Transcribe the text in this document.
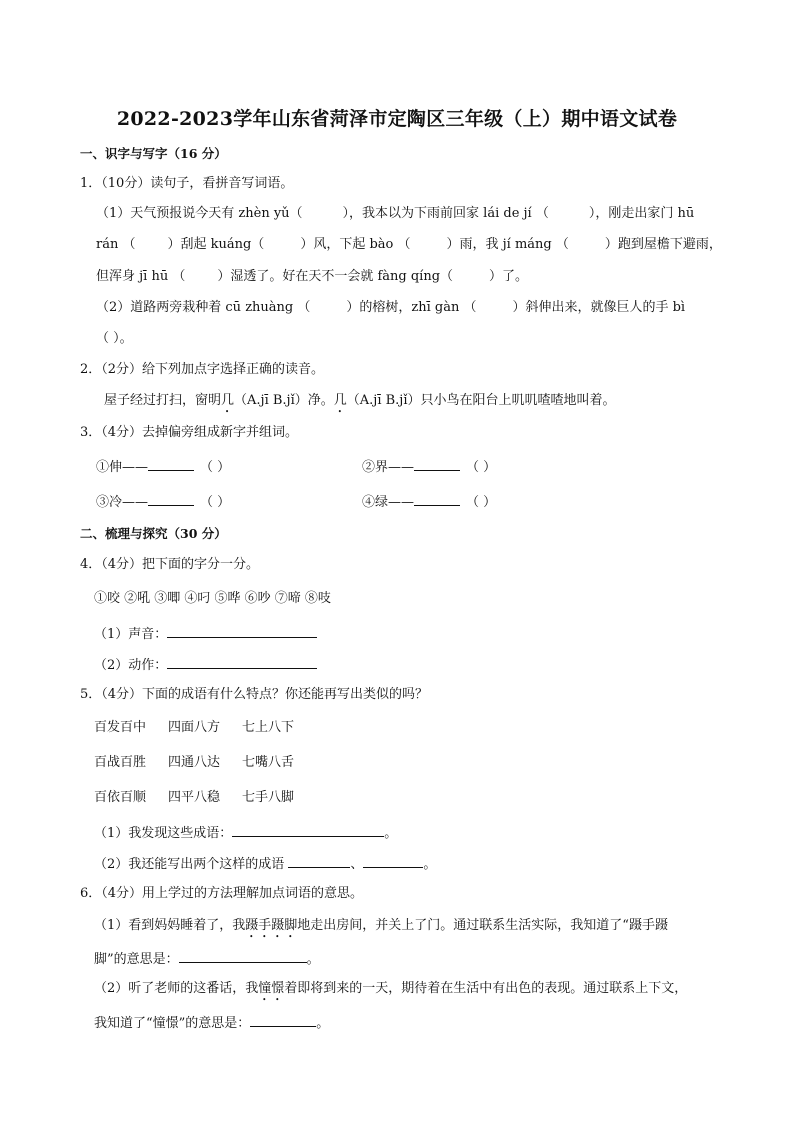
2022-2023学年山东省菏泽市定陶区三年级（上）期中语文试卷
一、识字与写字（16 分）
1．（10分）读句子，看拼音写词语。
（1）天气预报说今天有 zhèn yǔ（	），我本以为下雨前回家 lái de jí （	），刚走出家门 hū
rán （ ）刮起 kuáng（	）风，下起 bào （	）雨，我 jí máng （	）跑到屋檐下避雨，
但浑身 jī hū （ ）湿透了。好在天不一会就 fàng qíng（	）了。
（2）道路两旁栽种着 cū zhuàng （	）的榕树，zhī gàn （	）斜伸出来，就像巨人的手 bì
（ ）。
2．（2分）给下列加点字选择正确的读音。
屋子经过打扫，窗明几（A.jī B.jǐ）净。几（A.jī B.jǐ）只小鸟在阳台上叽叽喳喳地叫着。
3．（4分）去掉偏旁组成新字并组词。
①伸——	（ ）	②界——	（ ）
③冷——	（ ）	④绿——	（ ）
二、梳理与探究（30 分）
4．（4分）把下面的字分一分。
①咬 ②吼 ③唧 ④叼 ⑤哗 ⑥吵 ⑦啼 ⑧吱
（1）声音：
（2）动作：
5．（4分）下面的成语有什么特点？你还能再写出类似的吗？
百发百中 四面八方 七上八下
百战百胜 四通八达 七嘴八舌
百依百顺 四平八稳 七手八脚
（1）我发现这些成语：	。
（2）我还能写出两个这样的成语	、	。
6．（4分）用上学过的方法理解加点词语的意思。
（1）看到妈妈睡着了，我蹑手蹑脚地走出房间，并关上了门。通过联系生活实际，我知道了“蹑手蹑
脚”的意思是：	。
（2）听了老师的这番话，我憧憬着即将到来的一天，期待着在生活中有出色的表现。通过联系上下文，
我知道了“憧憬”的意思是：	。
